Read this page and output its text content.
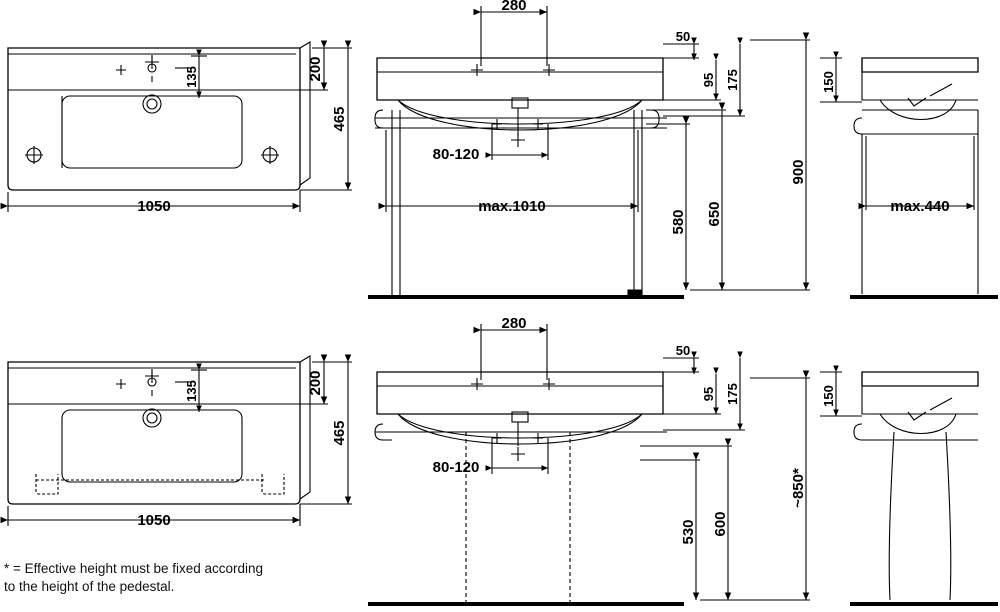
1050
465
200
135
280
50
95 175
80-120
max.1010
580 650
900
150
max.440
1050
465
200
135
280
50
95 175
80-120
530 600
~850*
150
* = Effective height must be fixed according
to the height of the pedestal.
